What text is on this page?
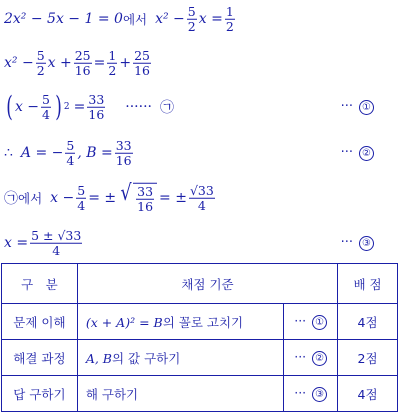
2x² − 5x − 1 = 0 에서 $x^2 - \frac{5}{2}$ $x = \frac{1}{2}$
$x^2 - \frac{5}{2}$ $x + \frac{25}{16} = \frac{1}{2} + \frac{25}{16}$
( $x - \frac{5}{4}$ ) $2 = \frac{33}{16}$ ······ ㉠	··· ①
∴ A = − $\frac{5}{4}$ , $B = \frac{33}{16}$	··· ②
㉠ 에서 $x - \frac{5}{4}$ = ± √ $\frac{33}{16}$ = ± $\frac{√33}{4}$
$x = \frac{5 \pm √33}{4}$	··· ③
구　분	채점 기준		배 점
문제 이해	(x + A)² = B의 꼴로 고치기	··· ①	4점
해결 과정	A, B의 값 구하기	··· ②	2점
답 구하기	해 구하기	··· ③	4점
